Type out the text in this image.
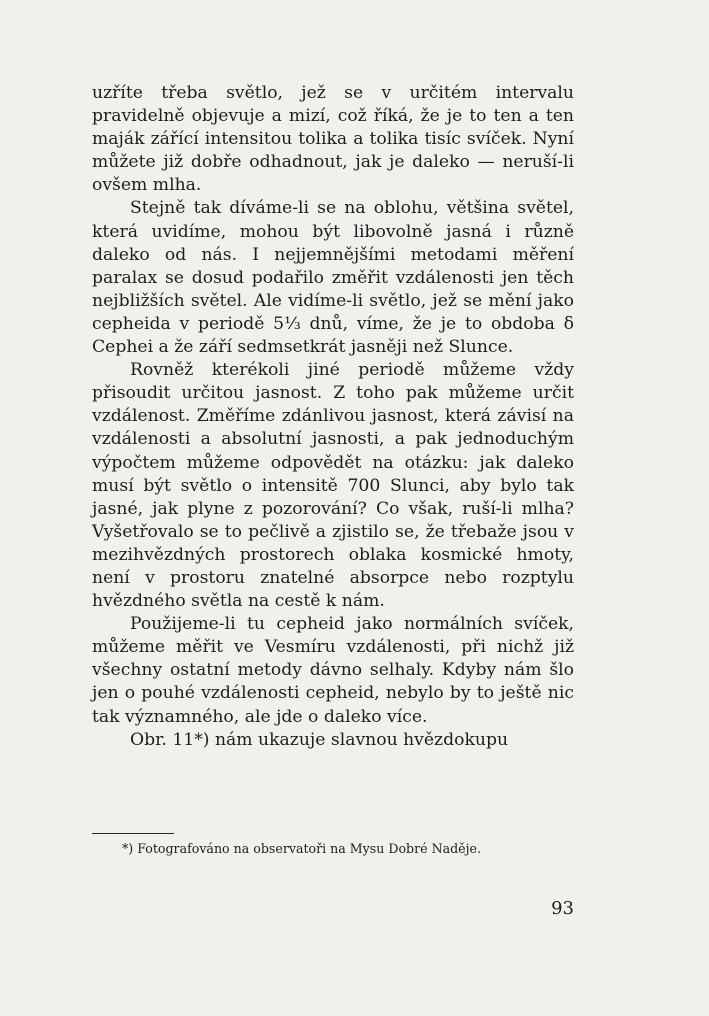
uzříte třeba světlo, jež se v určitém intervalu pravidelně objevuje a mizí, což říká, že je to ten a ten maják zářící intensitou tolika a tolika tisíc svíček. Nyní můžete již dobře odhadnout, jak je daleko — neruší-li ovšem mlha.

Stejně tak díváme-li se na oblohu, většina světel, která uvidíme, mohou být libovolně jasná i různě daleko od nás. I nejjemnějšími metodami měření paralax se dosud podařilo změřit vzdálenosti jen těch nejbližších světel. Ale vidíme-li světlo, jež se mění jako cepheida v periodě 5⅓ dnů, víme, že je to obdoba δ Cephei a že září sedmsetkrát jasněji než Slunce.

Rovněž kterékoli jiné periodě můžeme vždy přisoudit určitou jasnost. Z toho pak můžeme určit vzdálenost. Změříme zdánlivou jasnost, která závisí na vzdálenosti a absolutní jasnosti, a pak jednoduchým výpočtem můžeme odpovědět na otázku: jak daleko musí být světlo o intensitě 700 Slunci, aby bylo tak jasné, jak plyne z pozorování? Co však, ruší-li mlha? Vyšetřovalo se to pečlivě a zjistilo se, že třebaže jsou v mezihvězdných prostorech oblaka kosmické hmoty, není v prostoru znatelné absorpce nebo rozptylu hvězdného světla na cestě k nám.

Použijeme-li tu cepheid jako normálních svíček, můžeme měřit ve Vesmíru vzdálenosti, při nichž již všechny ostatní metody dávno selhaly. Kdyby nám šlo jen o pouhé vzdálenosti cepheid, nebylo by to ještě nic tak významného, ale jde o daleko více.

Obr. 11*) nám ukazuje slavnou hvězdokupu

*) Fotografováno na observatoři na Mysu Dobré Naděje.
93
